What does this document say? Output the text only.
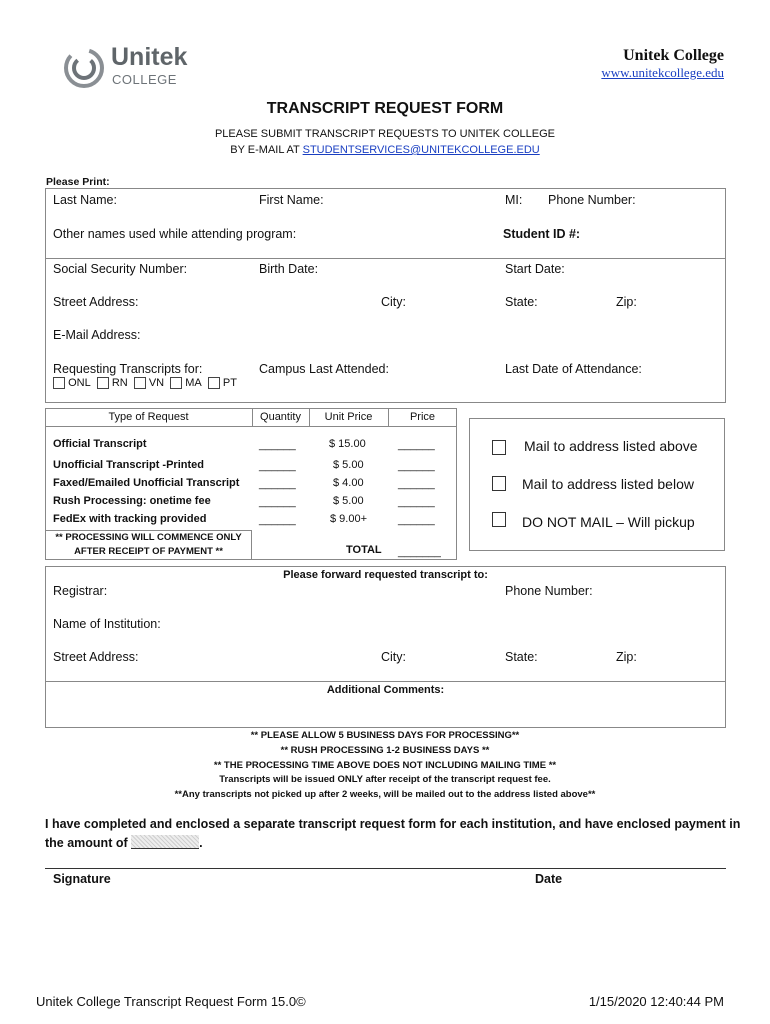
Unitek
COLLEGE
Unitek College
www.unitekcollege.edu
TRANSCRIPT REQUEST FORM
PLEASE SUBMIT TRANSCRIPT REQUESTS TO UNITEK COLLEGE
BY E-MAIL AT STUDENTSERVICES@UNITEKCOLLEGE.EDU
Please Print:
Last Name:	First Name:	MI: Phone Number:
Other names used while attending program:	Student ID #:
Social Security Number:	Birth Date:	Start Date:
Street Address:	City:	State:	Zip:
E-Mail Address:
Requesting Transcripts for:	Campus Last Attended:	Last Date of Attendance:
ONL RN VN MA PT
Type of Request	Quantity	Unit Price	Price
Official Transcript	______	$ 15.00	______
Unofficial Transcript -Printed	______	$ 5.00	______
Faxed/Emailed Unofficial Transcript ______	$ 4.00	______
Rush Processing: onetime fee	______	$ 5.00	______
FedEx with tracking provided	______	$ 9.00+	______
** PROCESSING WILL COMMENCE ONLY
AFTER RECEIPT OF PAYMENT **	TOTAL _______
Mail to address listed above
Mail to address listed below
DO NOT MAIL – Will pickup
Please forward requested transcript to:
Registrar:	Phone Number:
Name of Institution:
Street Address:	City:	State:	Zip:
Additional Comments:
** PLEASE ALLOW 5 BUSINESS DAYS FOR PROCESSING**
** RUSH PROCESSING 1-2 BUSINESS DAYS **
** THE PROCESSING TIME ABOVE DOES NOT INCLUDING MAILING TIME **
Transcripts will be issued ONLY after receipt of the transcript request fee.
**Any transcripts not picked up after 2 weeks, will be mailed out to the address listed above**
I have completed and enclosed a separate transcript request form for each institution, and have enclosed payment in
the amount of	.
Signature	Date
Unitek College Transcript Request Form 15.0©	1/15/2020 12:40:44 PM
